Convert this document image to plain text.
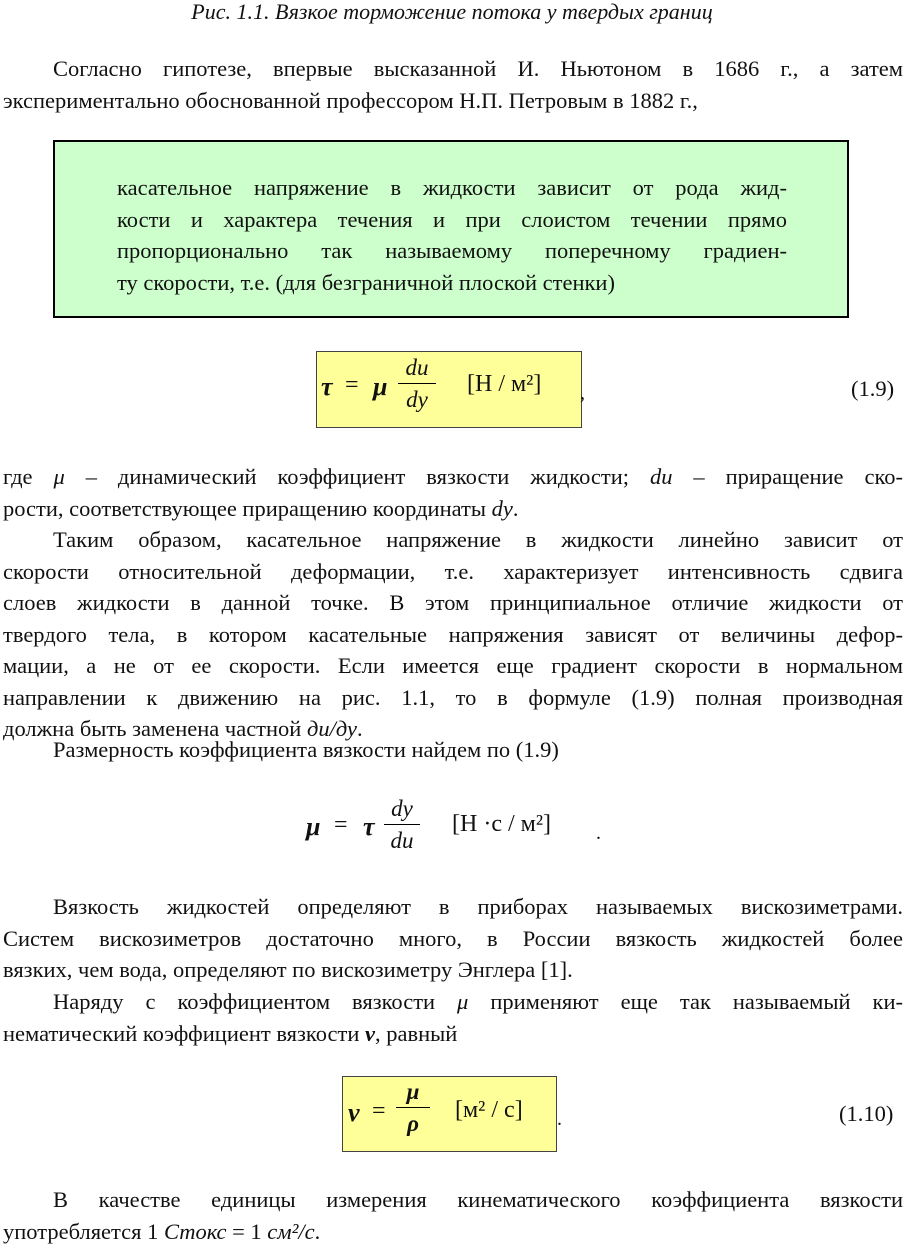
Рис. 1.1. Вязкое торможение потока у твердых границ
Согласно гипотезе, впервые высказанной И. Ньютоном в 1686 г., а затем
экспериментально обоснованной профессором Н.П. Петровым в 1882 г.,
касательное напряжение в жидкости зависит от рода жид-
кости и характера течения и при слоистом течении прямо
пропорционально так называемому поперечному градиен-
ту скорости, т.е. (для безграничной плоской стенки)
τ = μ
du
dy
[Н / м²] ,	(1.9)
где μ – динамический коэффициент вязкости жидкости; du – приращение ско-
рости, соответствующее приращению координаты dy.
Таким образом, касательное напряжение в жидкости линейно зависит от
скорости относительной деформации, т.е. характеризует интенсивность сдвига
слоев жидкости в данной точке. В этом принципиальное отличие жидкости от
твердого тела, в котором касательные напряжения зависят от величины дефор-
мации, а не от ее скорости. Если имеется еще градиент скорости в нормальном
направлении к движению на рис. 1.1, то в формуле (1.9) полная производная
должна быть заменена частной ди/ду.
Размерность коэффициента вязкости найдем по (1.9)
μ = τ
dy
du
[Н ·с / м²] .
Вязкость жидкостей определяют в приборах называемых вискозиметрами.
Систем вискозиметров достаточно много, в России вязкость жидкостей более
вязких, чем вода, определяют по вискозиметру Энглера [1].
Наряду с коэффициентом вязкости μ применяют еще так называемый ки-
нематический коэффициент вязкости ν, равный
ν =
μ
ρ
[м² / с] .	(1.10)
В качестве единицы измерения кинематического коэффициента вязкости
употребляется 1 Стокс = 1 см²/с.
